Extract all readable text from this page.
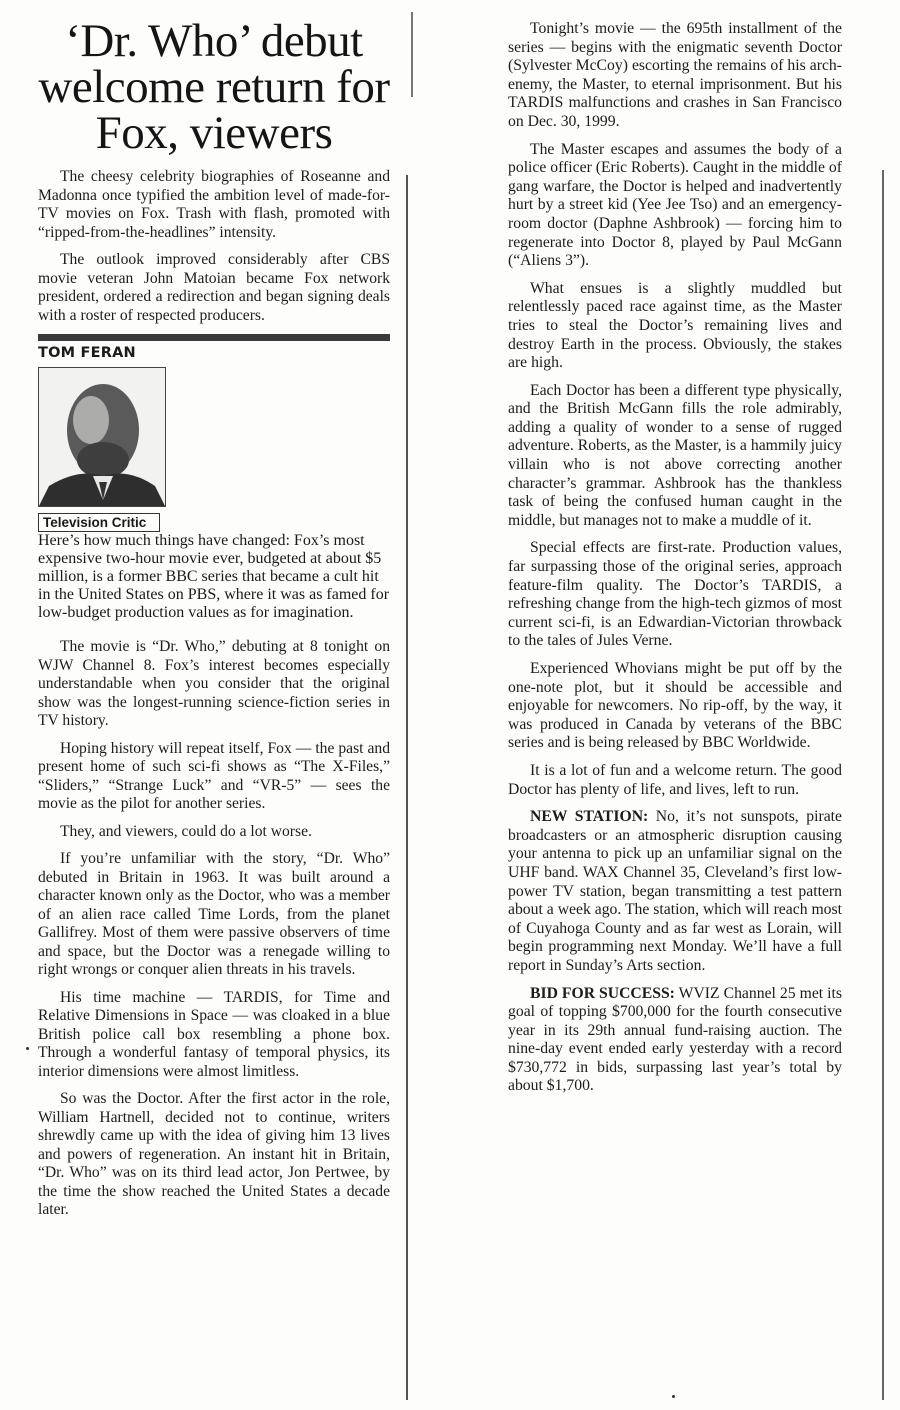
‘Dr. Who’ debut welcome return for Fox, viewers

The cheesy celebrity biographies of Roseanne and Madonna once typified the ambition level of made-for-TV movies on Fox. Trash with flash, promoted with “ripped-from-the-headlines” intensity.

The outlook improved considerably after CBS movie veteran John Matoian became Fox network president, ordered a redirection and began signing deals with a roster of respected producers.

TOM FERAN
Television Critic
Here’s how much things have changed: Fox’s most expensive two-hour movie ever, budgeted at about $5 million, is a former BBC series that became a cult hit in the United States on PBS, where it was as famed for low-budget production values as for imagination.

The movie is “Dr. Who,” debuting at 8 tonight on WJW Channel 8. Fox’s interest becomes especially understandable when you consider that the original show was the longest-running science-fiction series in TV history.

Hoping history will repeat itself, Fox — the past and present home of such sci-fi shows as “The X-Files,” “Sliders,” “Strange Luck” and “VR-5” — sees the movie as the pilot for another series.

They, and viewers, could do a lot worse.

If you’re unfamiliar with the story, “Dr. Who” debuted in Britain in 1963. It was built around a character known only as the Doctor, who was a member of an alien race called Time Lords, from the planet Gallifrey. Most of them were passive observers of time and space, but the Doctor was a renegade willing to right wrongs or conquer alien threats in his travels.

His time machine — TARDIS, for Time and Relative Dimensions in Space — was cloaked in a blue British police call box resembling a phone box. Through a wonderful fantasy of temporal physics, its interior dimensions were almost limitless.

So was the Doctor. After the first actor in the role, William Hartnell, decided not to continue, writers shrewdly came up with the idea of giving him 13 lives and powers of regeneration. An instant hit in Britain, “Dr. Who” was on its third lead actor, Jon Pertwee, by the time the show reached the United States a decade later.

Tonight’s movie — the 695th installment of the series — begins with the enigmatic seventh Doctor (Sylvester McCoy) escorting the remains of his arch-enemy, the Master, to eternal imprisonment. But his TARDIS malfunctions and crashes in San Francisco on Dec. 30, 1999.

The Master escapes and assumes the body of a police officer (Eric Roberts). Caught in the middle of gang warfare, the Doctor is helped and inadvertently hurt by a street kid (Yee Jee Tso) and an emergency-room doctor (Daphne Ashbrook) — forcing him to regenerate into Doctor 8, played by Paul McGann (“Aliens 3”).

What ensues is a slightly muddled but relentlessly paced race against time, as the Master tries to steal the Doctor’s remaining lives and destroy Earth in the process. Obviously, the stakes are high.

Each Doctor has been a different type physically, and the British McGann fills the role admirably, adding a quality of wonder to a sense of rugged adventure. Roberts, as the Master, is a hammily juicy villain who is not above correcting another character’s grammar. Ashbrook has the thankless task of being the confused human caught in the middle, but manages not to make a muddle of it.

Special effects are first-rate. Production values, far surpassing those of the original series, approach feature-film quality. The Doctor’s TARDIS, a refreshing change from the high-tech gizmos of most current sci-fi, is an Edwardian-Victorian throwback to the tales of Jules Verne.

Experienced Whovians might be put off by the one-note plot, but it should be accessible and enjoyable for newcomers. No rip-off, by the way, it was produced in Canada by veterans of the BBC series and is being released by BBC Worldwide.

It is a lot of fun and a welcome return. The good Doctor has plenty of life, and lives, left to run.

NEW STATION: No, it’s not sunspots, pirate broadcasters or an atmospheric disruption causing your antenna to pick up an unfamiliar signal on the UHF band. WAX Channel 35, Cleveland’s first low-power TV station, began transmitting a test pattern about a week ago. The station, which will reach most of Cuyahoga County and as far west as Lorain, will begin programming next Monday. We’ll have a full report in Sunday’s Arts section.

BID FOR SUCCESS: WVIZ Channel 25 met its goal of topping $700,000 for the fourth consecutive year in its 29th annual fund-raising auction. The nine-day event ended early yesterday with a record $730,772 in bids, surpassing last year’s total by about $1,700.
